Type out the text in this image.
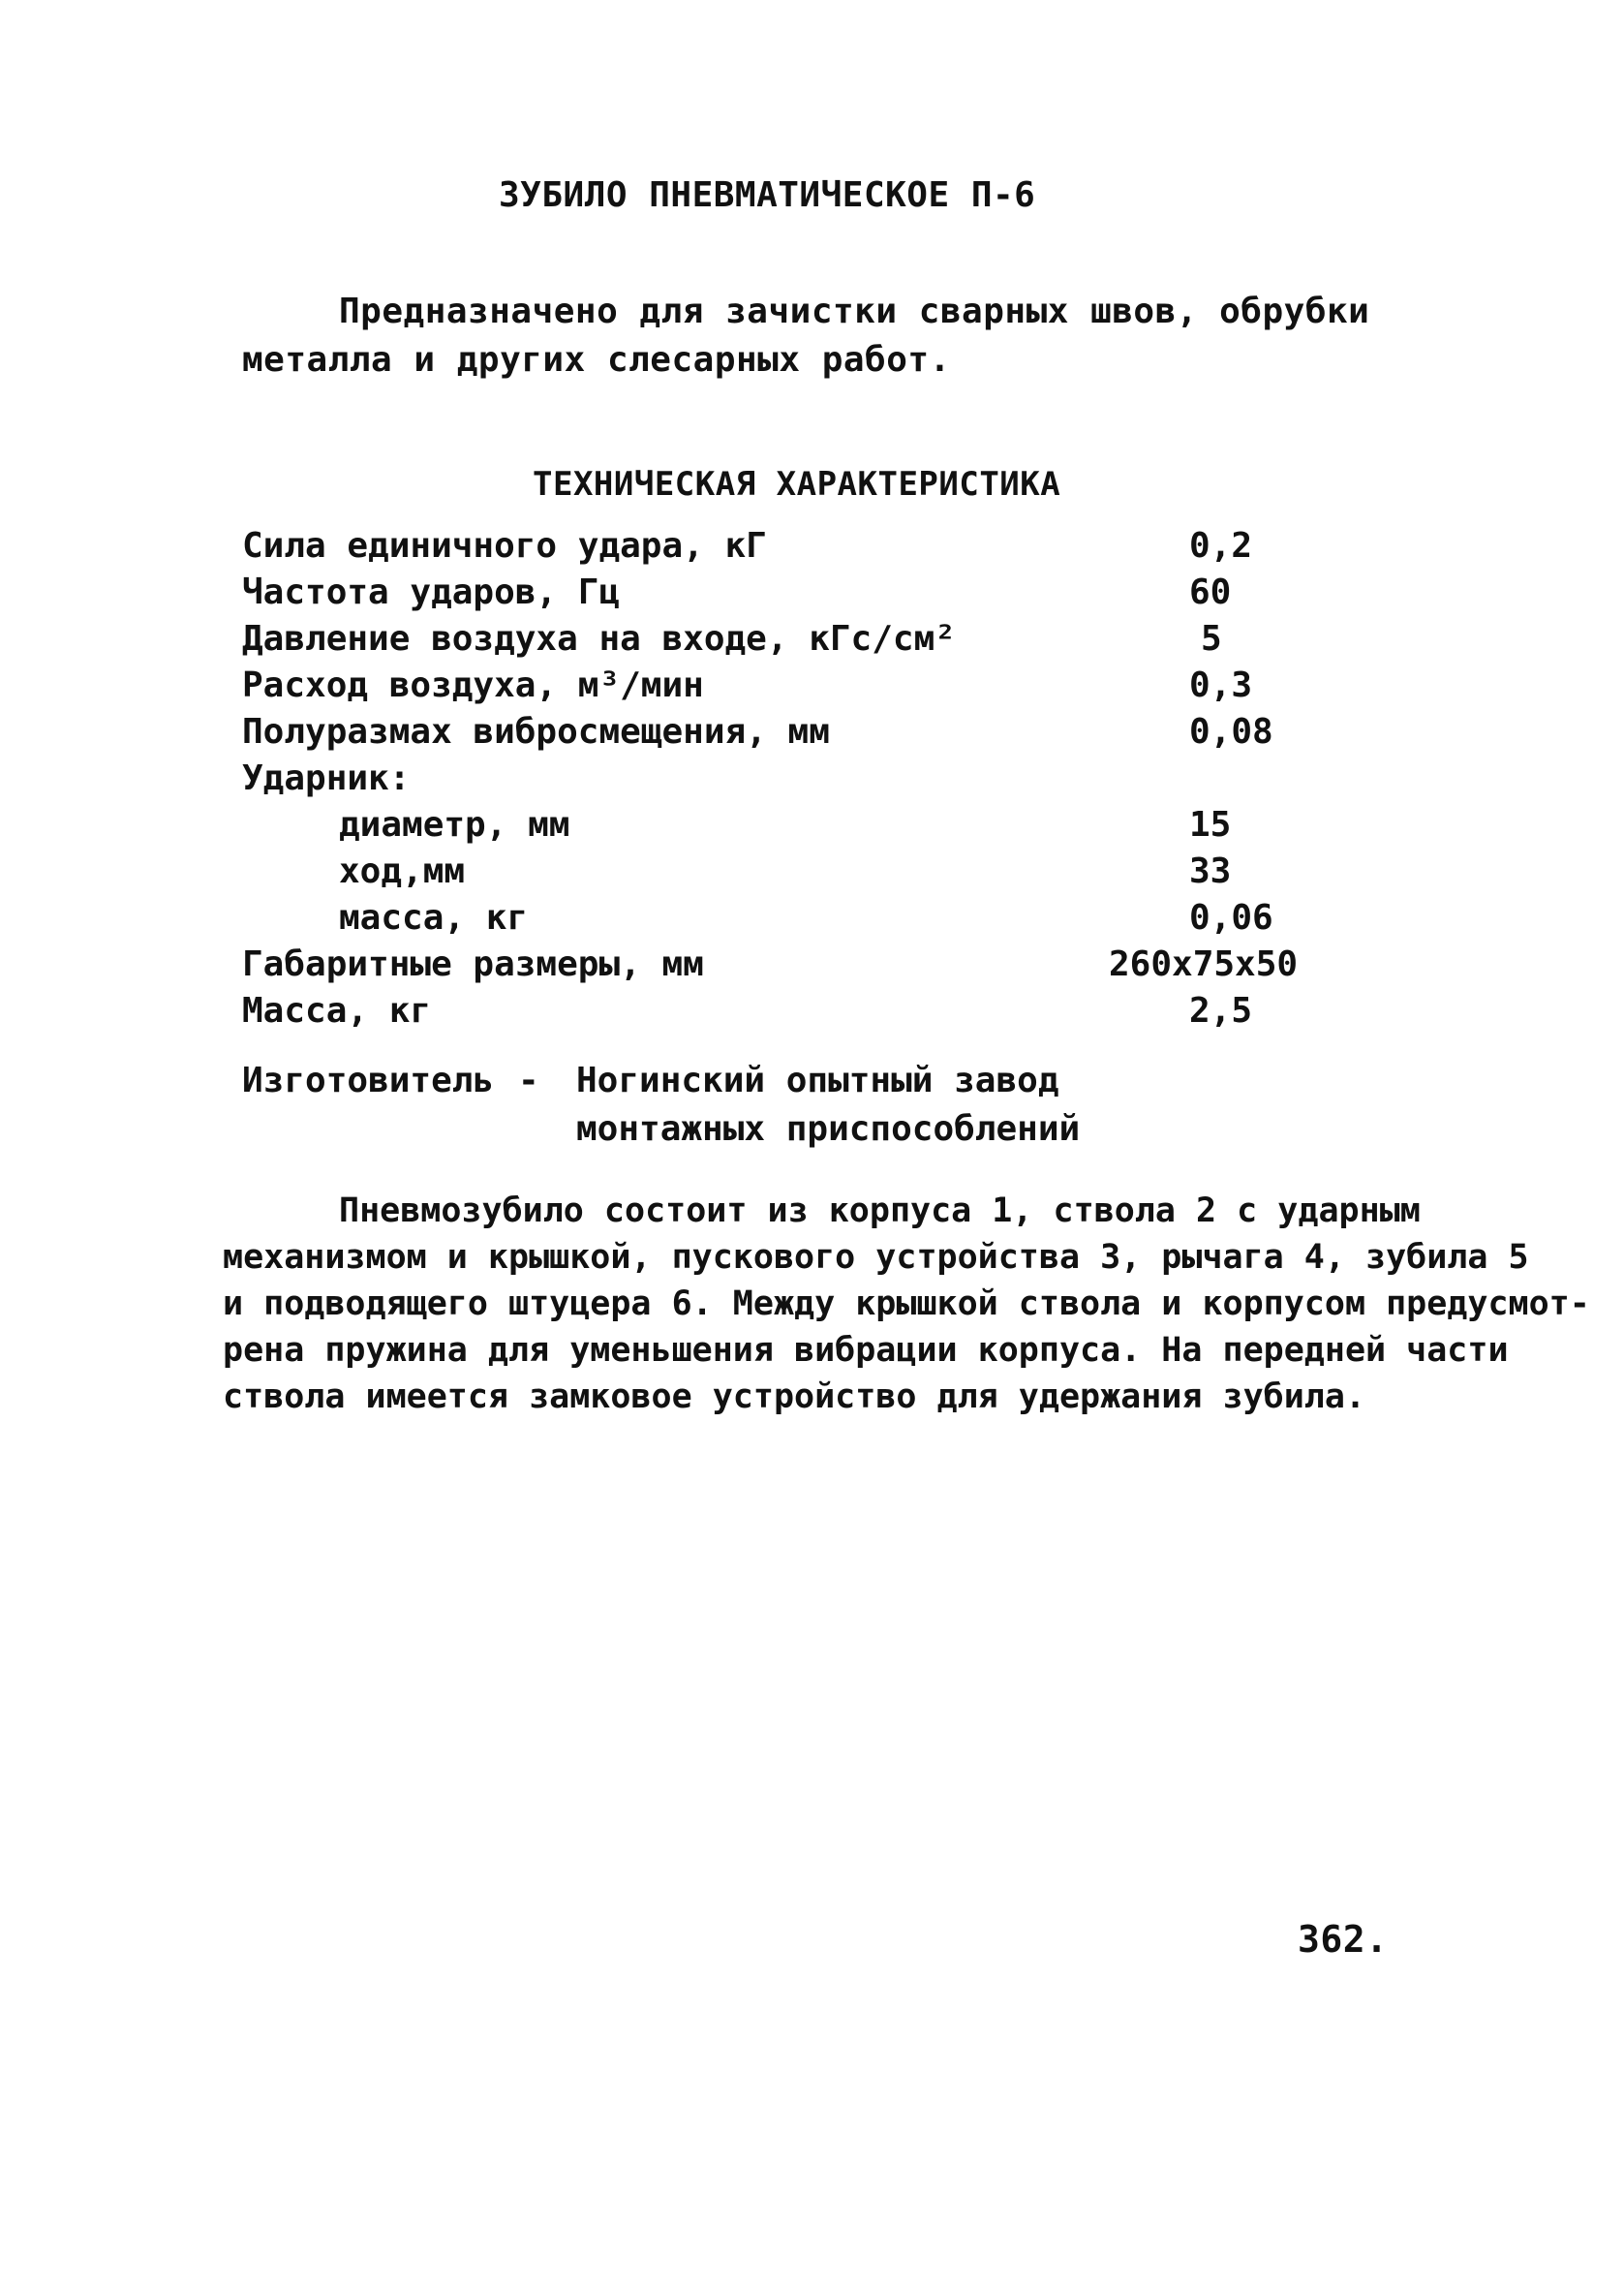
ЗУБИЛО ПНЕВМАТИЧЕСКОЕ П-6
Предназначено для зачистки сварных швов, обрубки
металла и других слесарных работ.
ТЕХНИЧЕСКАЯ ХАРАКТЕРИСТИКА
Сила единичного удара, кГ	0,2
Частота ударов, Гц	60
Давление воздуха на входе, кГс/см²	5
Расход воздуха, м³/мин	0,3
Полуразмах вибросмещения, мм	0,08
Ударник:
диаметр, мм	15
ход,мм	33
масса, кг	0,06
Габаритные размеры, мм	260x75x50
Масса, кг	2,5
Изготовитель - Ногинский опытный завод
монтажных приспособлений
Пневмозубило состоит из корпуса 1, ствола 2 с ударным
механизмом и крышкой, пускового устройства 3, рычага 4, зубила 5
и подводящего штуцера 6. Между крышкой ствола и корпусом предусмот-
рена пружина для уменьшения вибрации корпуса. На передней части
ствола имеется замковое устройство для удержания зубила.
362.
